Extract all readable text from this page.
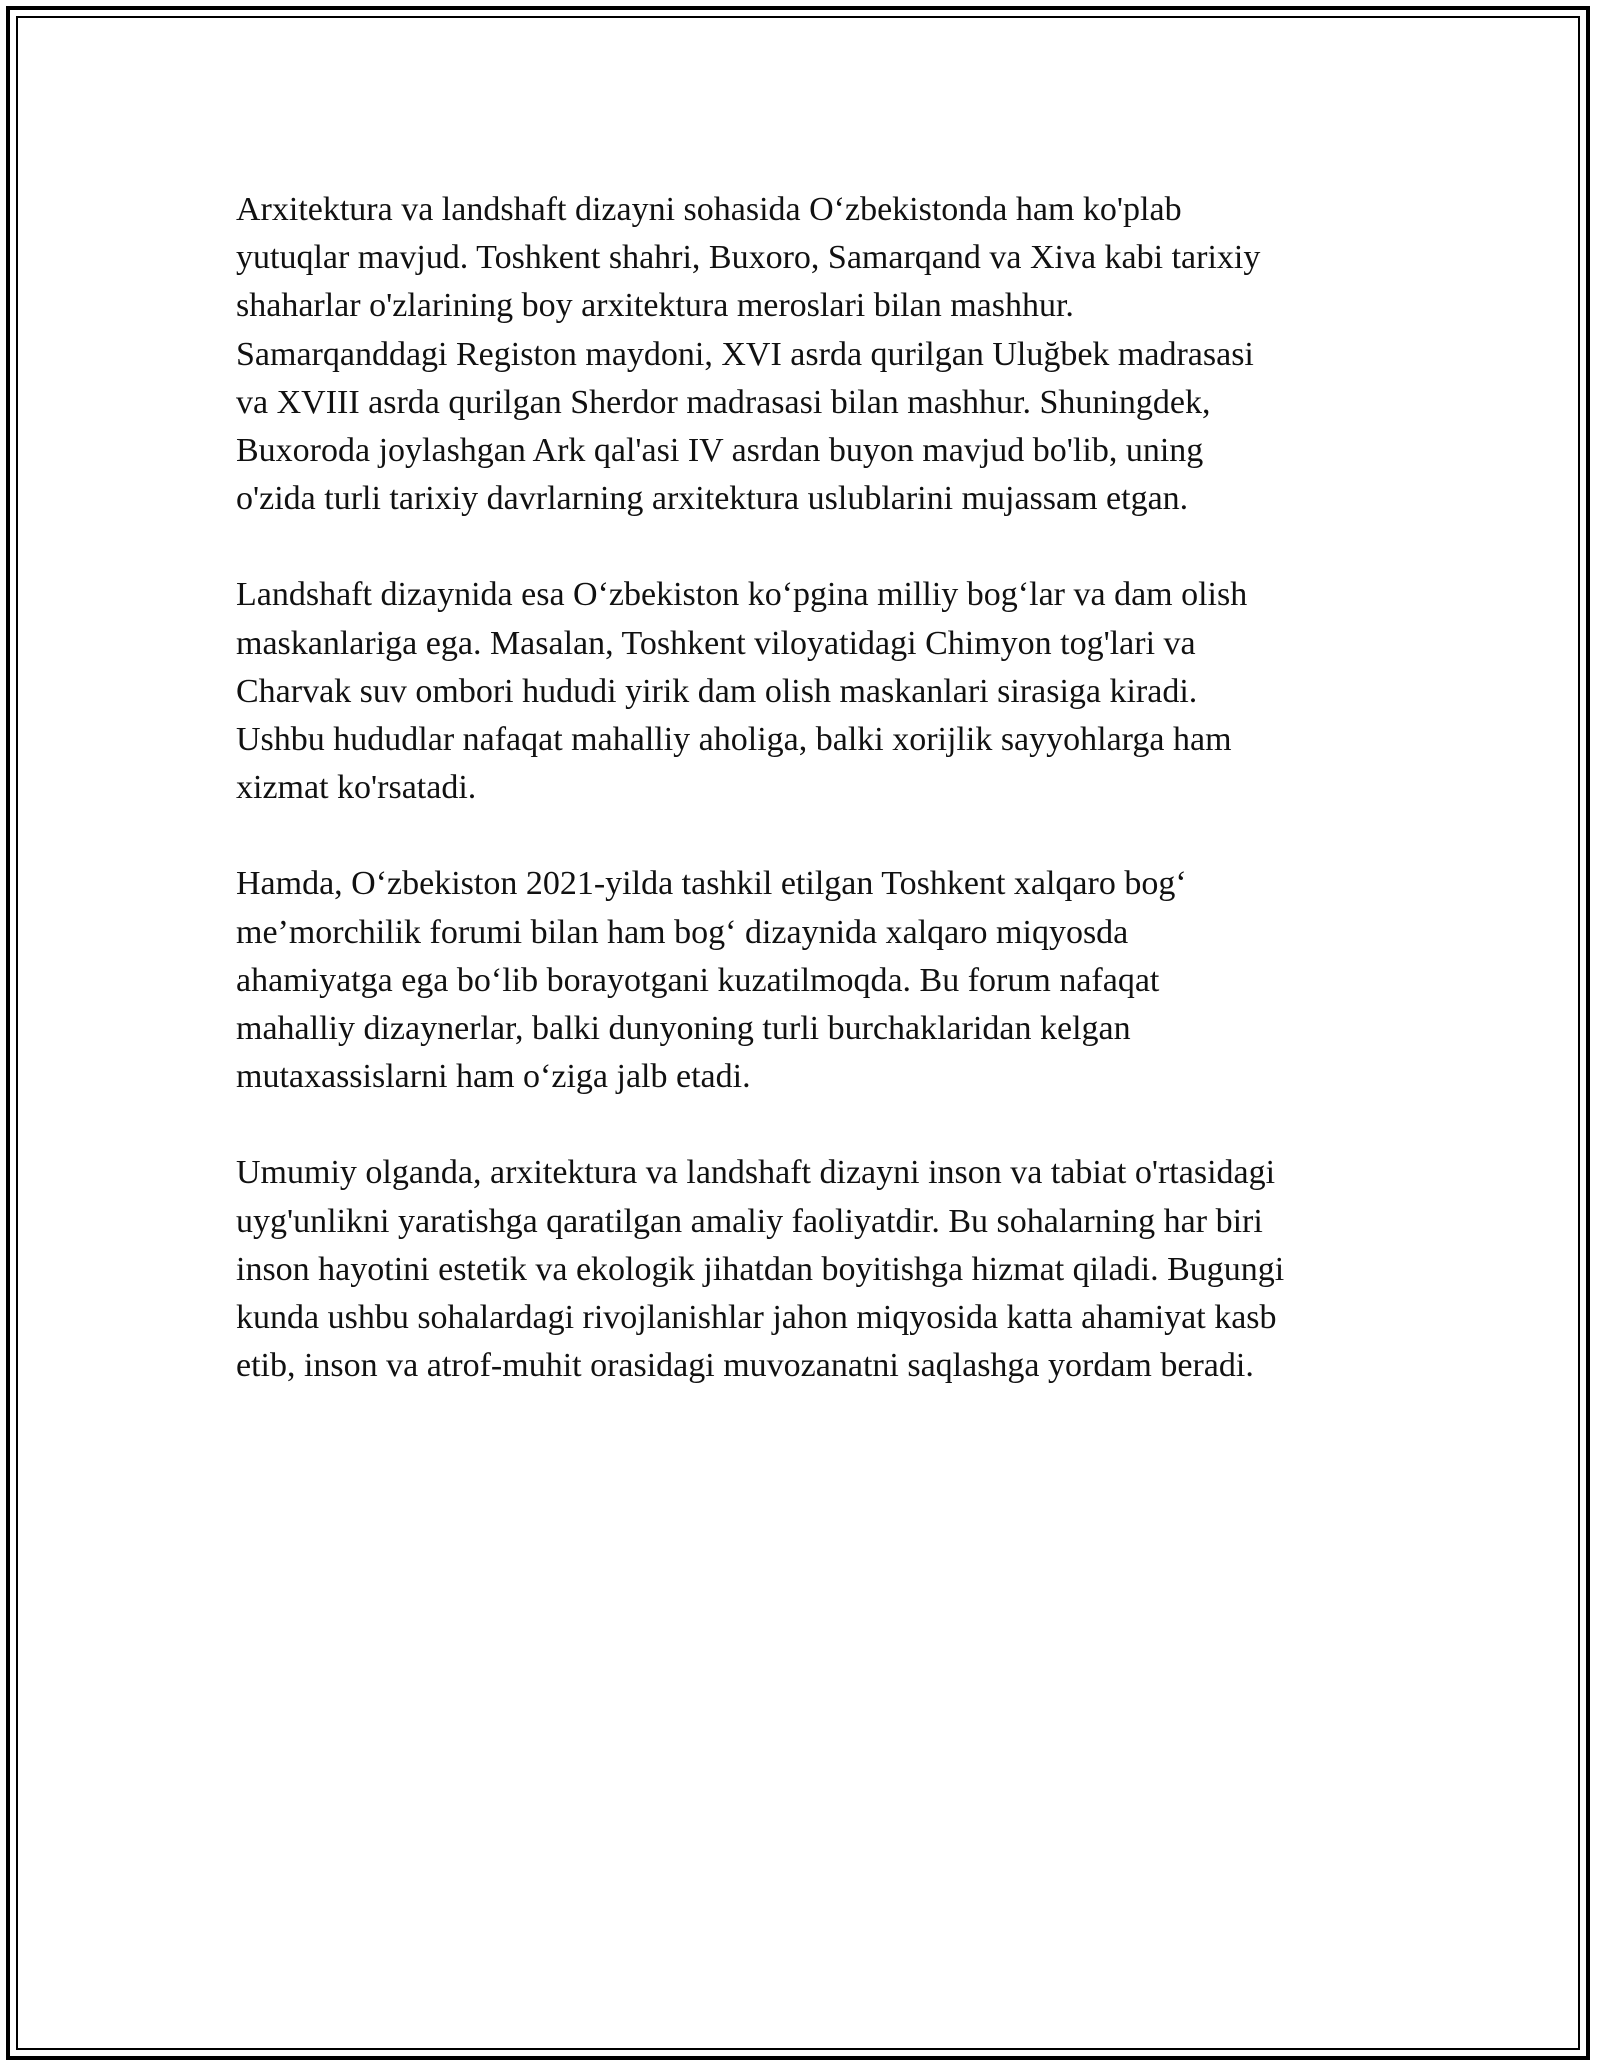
Arxitektura va landshaft dizayni sohasida O‘zbekistonda ham ko'plab
yutuqlar mavjud. Toshkent shahri, Buxoro, Samarqand va Xiva kabi tarixiy
shaharlar o'zlarining boy arxitektura meroslari bilan mashhur.
Samarqanddagi Registon maydoni, XVI asrda qurilgan Uluğbek madrasasi
va XVIII asrda qurilgan Sherdor madrasasi bilan mashhur. Shuningdek,
Buxoroda joylashgan Ark qal'asi IV asrdan buyon mavjud bo'lib, uning
o'zida turli tarixiy davrlarning arxitektura uslublarini mujassam etgan.
Landshaft dizaynida esa O‘zbekiston ko‘pgina milliy bog‘lar va dam olish
maskanlariga ega. Masalan, Toshkent viloyatidagi Chimyon tog'lari va
Charvak suv ombori hududi yirik dam olish maskanlari sirasiga kiradi.
Ushbu hududlar nafaqat mahalliy aholiga, balki xorijlik sayyohlarga ham
xizmat ko'rsatadi.
Hamda, O‘zbekiston 2021-yilda tashkil etilgan Toshkent xalqaro bog‘
me’morchilik forumi bilan ham bog‘ dizaynida xalqaro miqyosda
ahamiyatga ega bo‘lib borayotgani kuzatilmoqda. Bu forum nafaqat
mahalliy dizaynerlar, balki dunyoning turli burchaklaridan kelgan
mutaxassislarni ham o‘ziga jalb etadi.
Umumiy olganda, arxitektura va landshaft dizayni inson va tabiat o'rtasidagi
uyg'unlikni yaratishga qaratilgan amaliy faoliyatdir. Bu sohalarning har biri
inson hayotini estetik va ekologik jihatdan boyitishga hizmat qiladi. Bugungi
kunda ushbu sohalardagi rivojlanishlar jahon miqyosida katta ahamiyat kasb
etib, inson va atrof-muhit orasidagi muvozanatni saqlashga yordam beradi.
